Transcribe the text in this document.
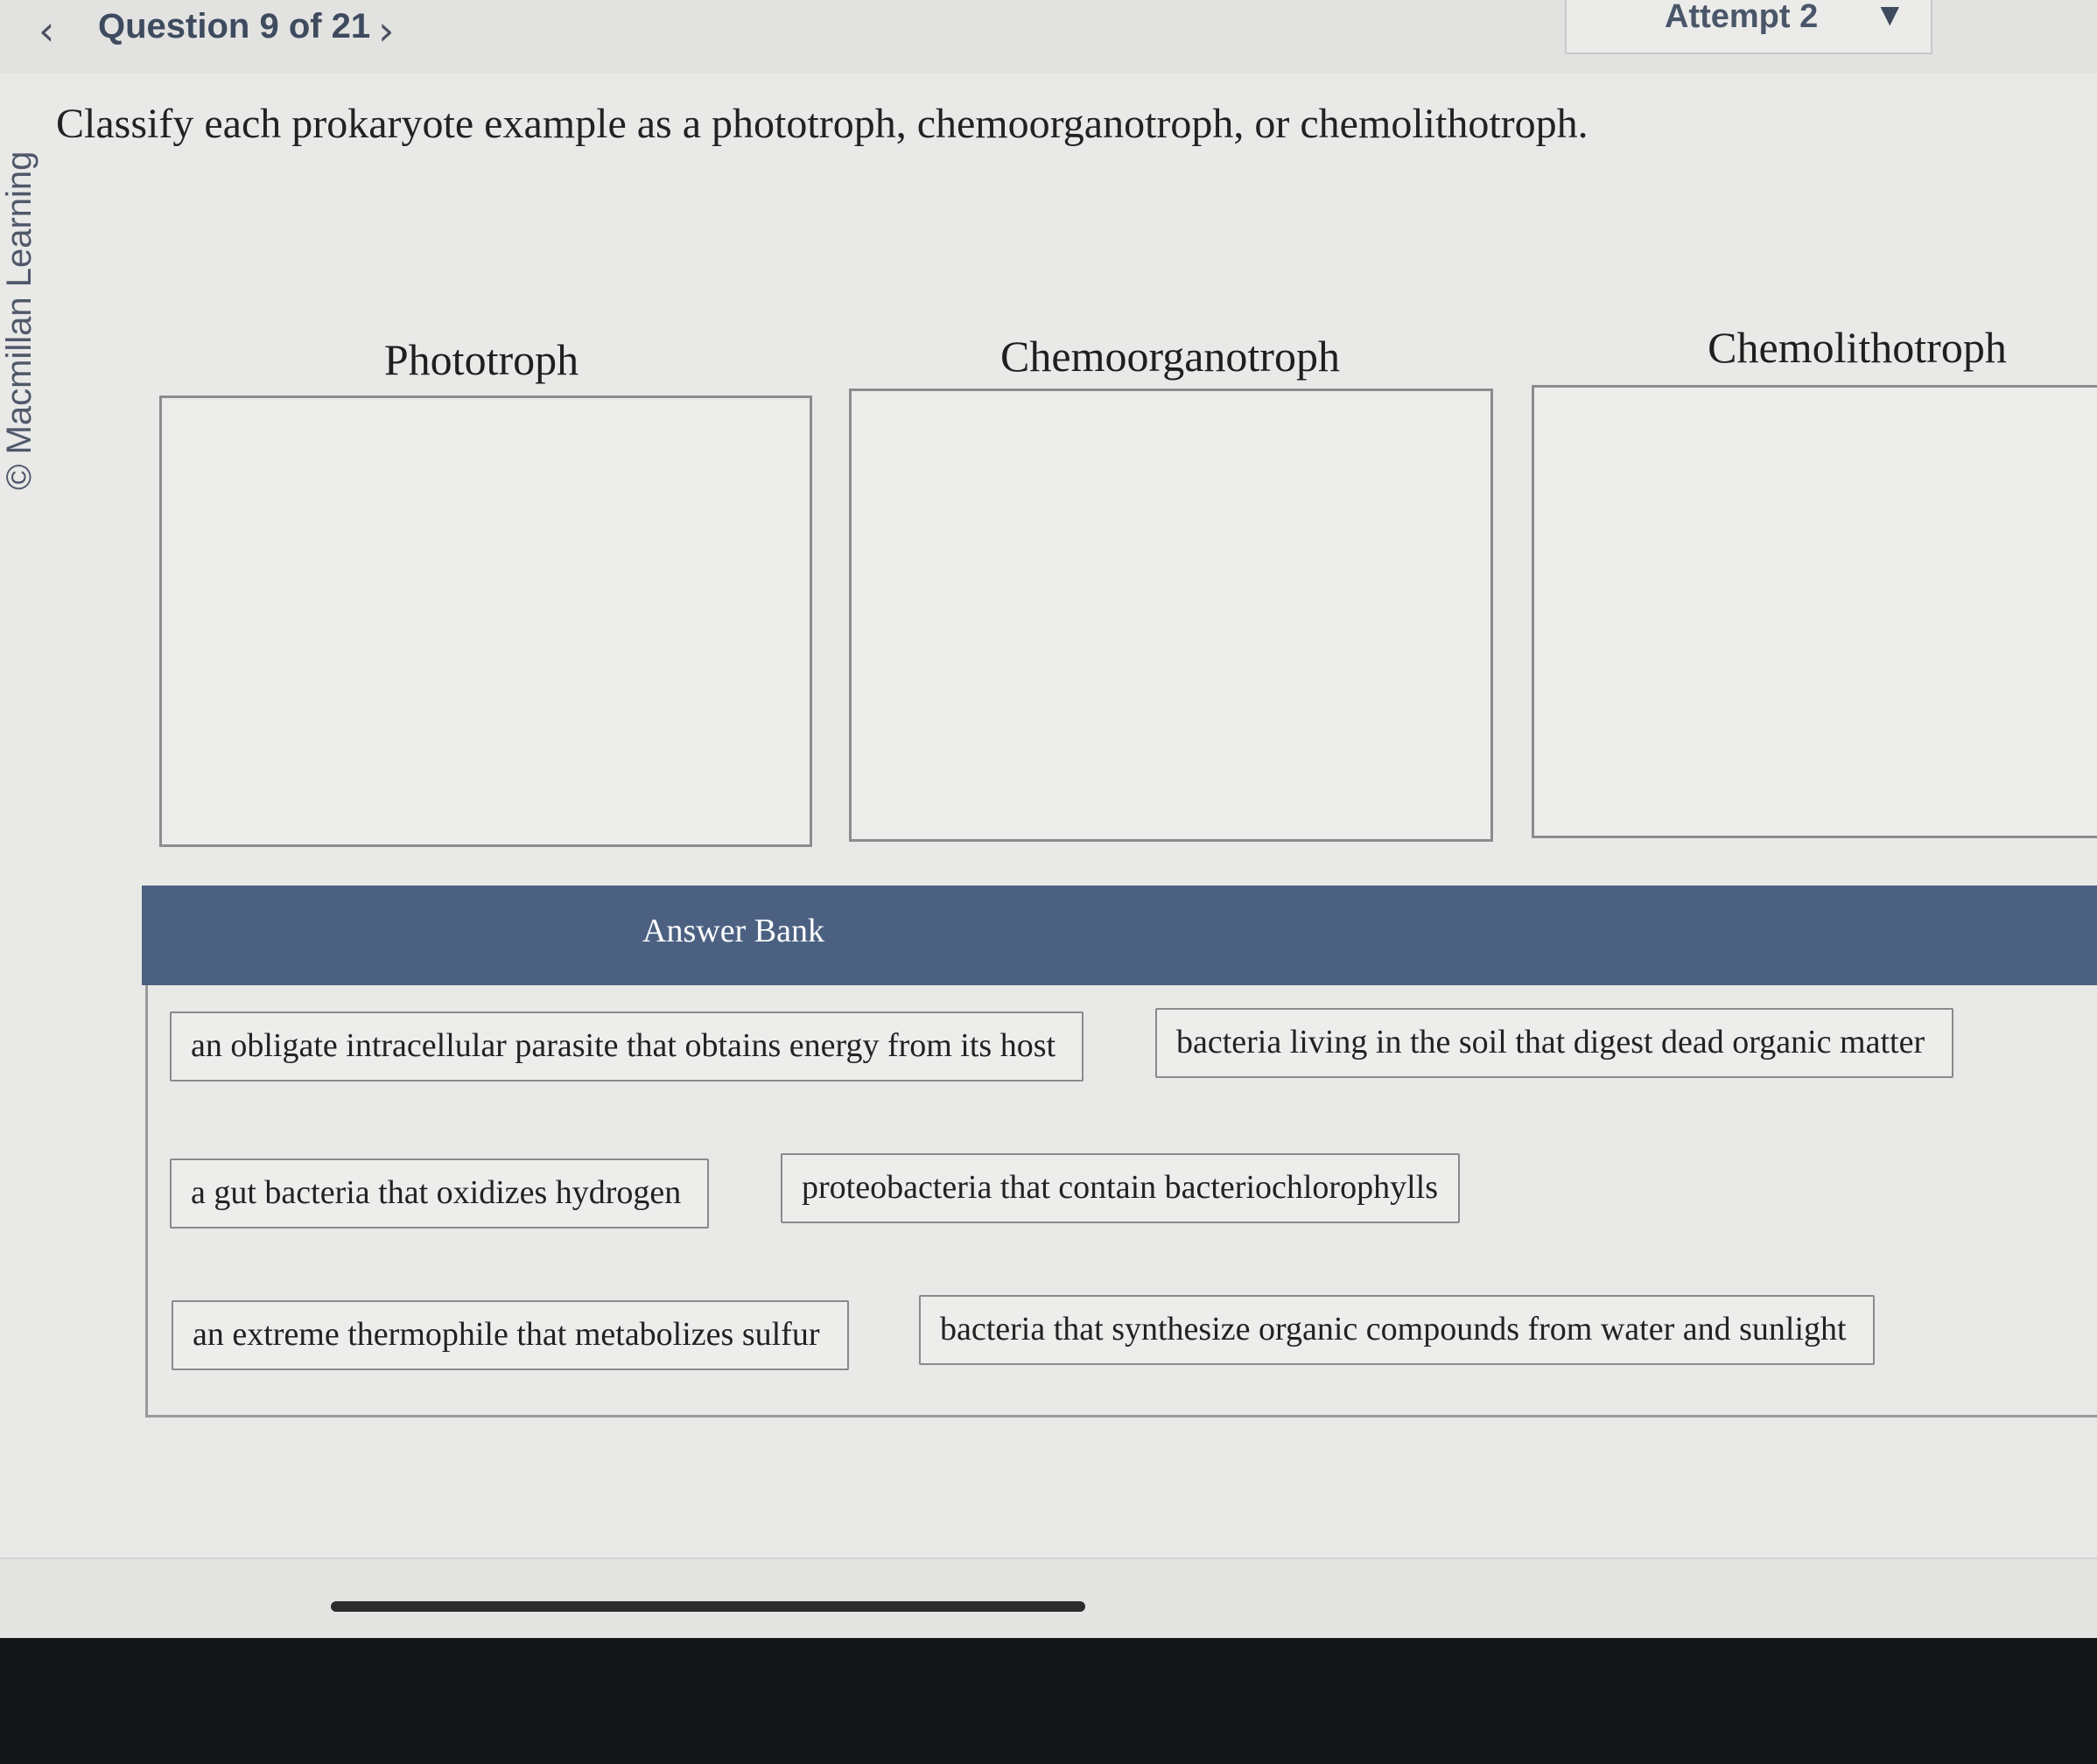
‹ Question 9 of 21 ›	Attempt 2	▼
© Macmillan Learning
Classify each prokaryote example as a phototroph, chemoorganotroph, or chemolithotroph.
Phototroph	Chemoorganotroph	Chemolithotroph
Answer Bank
an obligate intracellular parasite that obtains energy from its host	bacteria living in the soil that digest dead organic matter
a gut bacteria that oxidizes hydrogen	proteobacteria that contain bacteriochlorophylls
an extreme thermophile that metabolizes sulfur	bacteria that synthesize organic compounds from water and sunlight
